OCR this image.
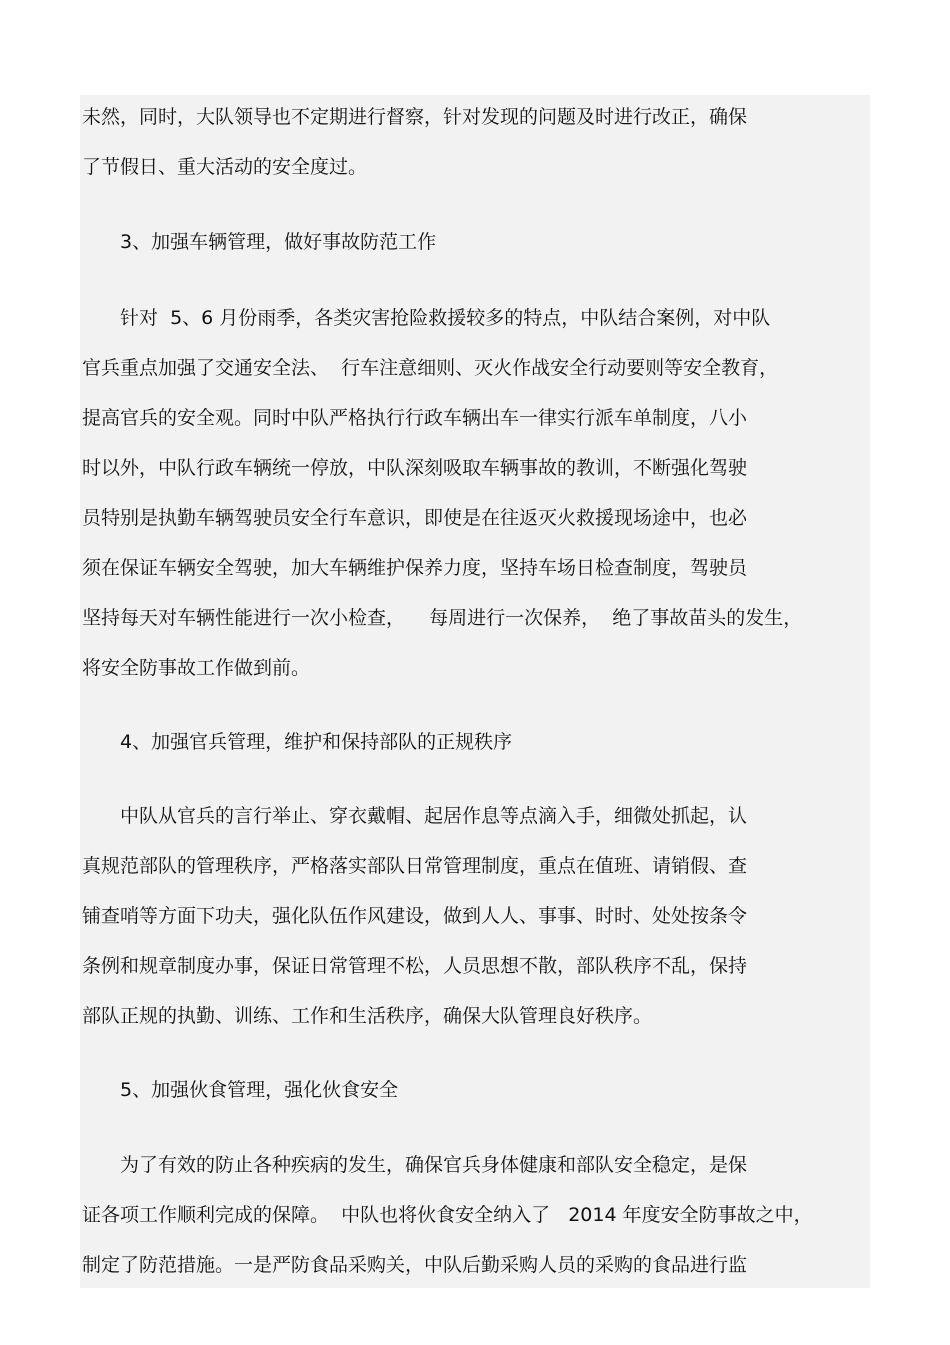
未然，同时，大队领导也不定期进行督察，针对发现的问题及时进行改正，确保
了节假日、重大活动的安全度过。
3、加强车辆管理，做好事故防范工作
针对  5、6 月份雨季，各类灾害抢险救援较多的特点，中队结合案例，对中队
官兵重点加强了交通安全法、  行车注意细则、灭火作战安全行动要则等安全教育，
提高官兵的安全观。同时中队严格执行行政车辆出车一律实行派车单制度，八小
时以外，中队行政车辆统一停放，中队深刻吸取车辆事故的教训，不断强化驾驶
员特别是执勤车辆驾驶员安全行车意识，即使是在往返灭火救援现场途中，也必
须在保证车辆安全驾驶，加大车辆维护保养力度，坚持车场日检查制度，驾驶员
坚持每天对车辆性能进行一次小检查，    每周进行一次保养，  绝了事故苗头的发生，
将安全防事故工作做到前。
4、加强官兵管理，维护和保持部队的正规秩序
中队从官兵的言行举止、穿衣戴帽、起居作息等点滴入手，细微处抓起，认
真规范部队的管理秩序，严格落实部队日常管理制度，重点在值班、请销假、查
铺查哨等方面下功夫，强化队伍作风建设，做到人人、事事、时时、处处按条令
条例和规章制度办事，保证日常管理不松，人员思想不散，部队秩序不乱，保持
部队正规的执勤、训练、工作和生活秩序，确保大队管理良好秩序。
5、加强伙食管理，强化伙食安全
为了有效的防止各种疾病的发生，确保官兵身体健康和部队安全稳定，是保
证各项工作顺利完成的保障。  中队也将伙食安全纳入了   2014 年度安全防事故之中，
制定了防范措施。一是严防食品采购关，中队后勤采购人员的采购的食品进行监
